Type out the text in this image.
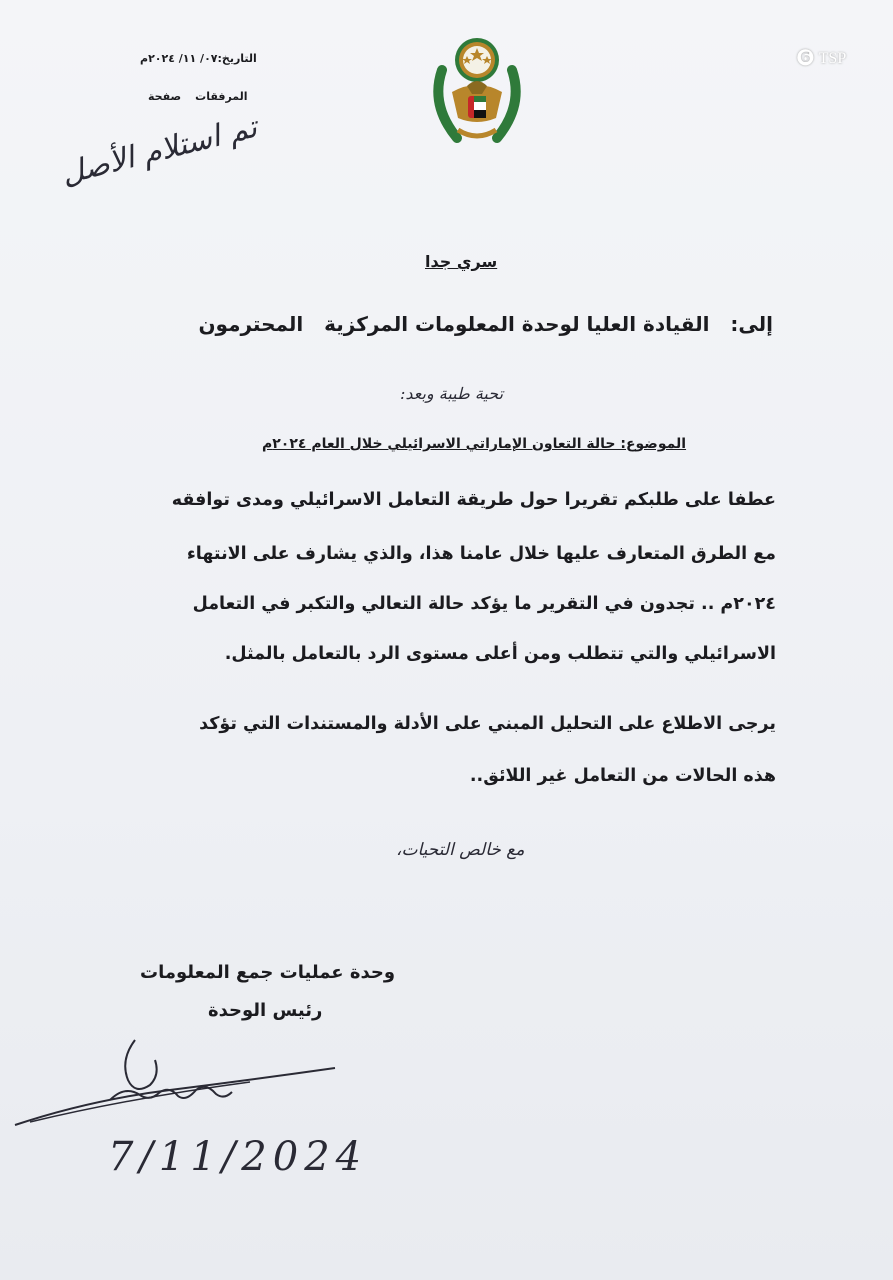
التاريخ:٠٧/ ١١/ ٢٠٢٤م
المرفقات
صفحة
❻ TSP
تم استلام الأصل
سري جدا
إلى:   القيادة العليا لوحدة المعلومات المركزية   المحترمون
تحية طيبة وبعد:
الموضوع: حالة التعاون الإماراتي الاسرائيلي خلال العام ٢٠٢٤م
عطفا على طلبكم تقريرا حول طريقة التعامل الاسرائيلي ومدى توافقه
مع الطرق المتعارف عليها خلال عامنا هذا، والذي يشارف على الانتهاء
٢٠٢٤م .. تجدون في التقرير ما يؤكد حالة التعالي والتكبر في التعامل
الاسرائيلي والتي تتطلب ومن أعلى مستوى الرد بالتعامل بالمثل.
يرجى الاطلاع على التحليل المبني على الأدلة والمستندات التي تؤكد
هذه الحالات من التعامل غير اللائق..
مع خالص التحيات،
وحدة عمليات جمع المعلومات
رئيس الوحدة
7/11/2024
